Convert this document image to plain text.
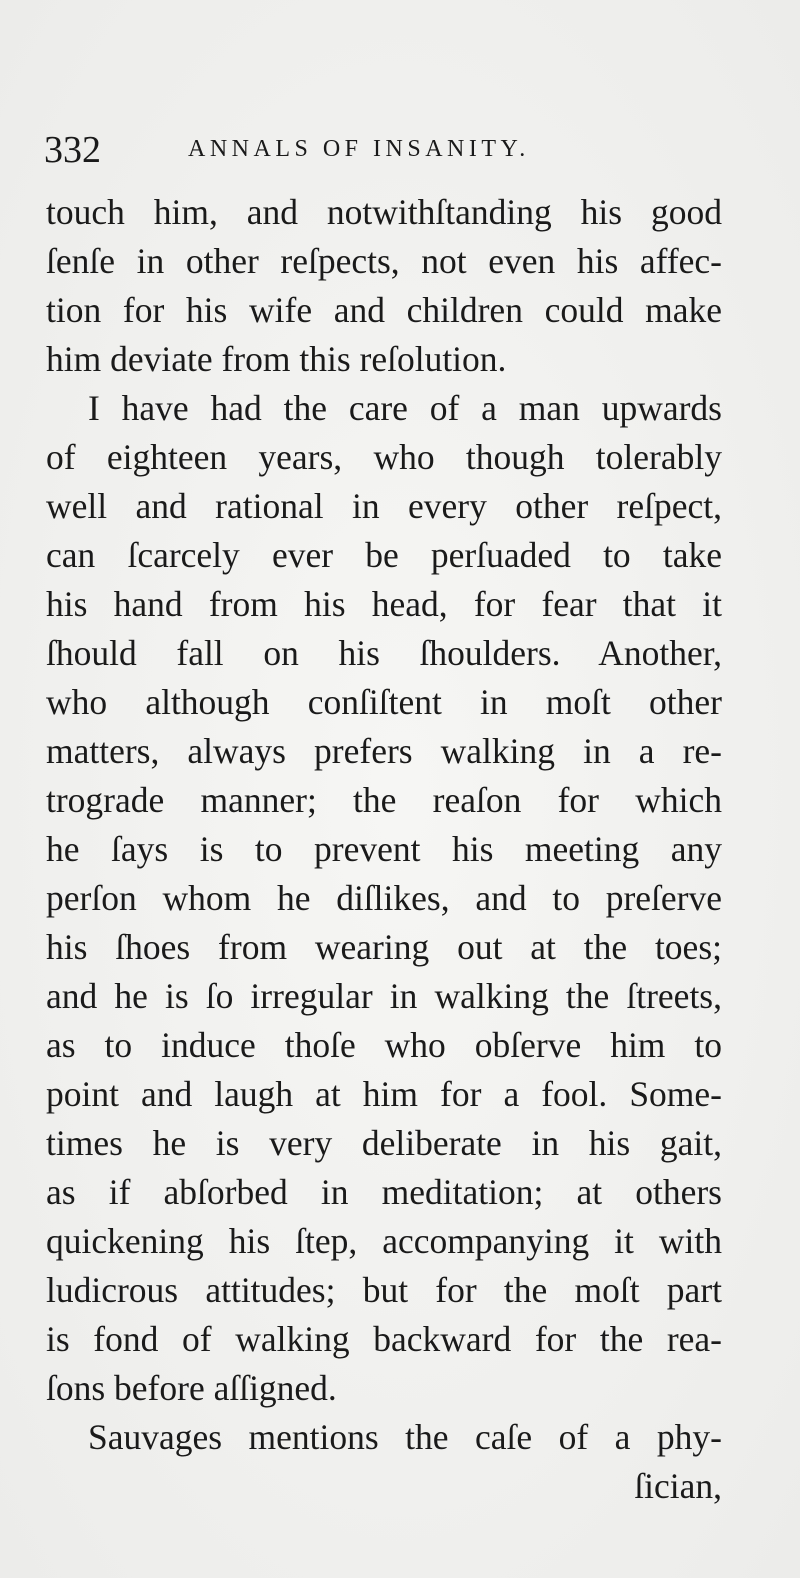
332	ANNALS OF INSANITY.
touch him, and notwithſtanding his good
ſenſe in other reſpects, not even his affec-
tion for his wife and children could make
him deviate from this reſolution.
I have had the care of a man upwards
of eighteen years, who though tolerably
well and rational in every other reſpect,
can ſcarcely ever be perſuaded to take
his hand from his head, for fear that it
ſhould fall on his ſhoulders. Another,
who although conſiſtent in moſt other
matters, always prefers walking in a re-
trograde manner; the reaſon for which
he ſays is to prevent his meeting any
perſon whom he diſlikes, and to preſerve
his ſhoes from wearing out at the toes;
and he is ſo irregular in walking the ſtreets,
as to induce thoſe who obſerve him to
point and laugh at him for a fool. Some-
times he is very deliberate in his gait,
as if abſorbed in meditation; at others
quickening his ſtep, accompanying it with
ludicrous attitudes; but for the moſt part
is fond of walking backward for the rea-
ſons before aſſigned.
Sauvages mentions the caſe of a phy-
ſician,
